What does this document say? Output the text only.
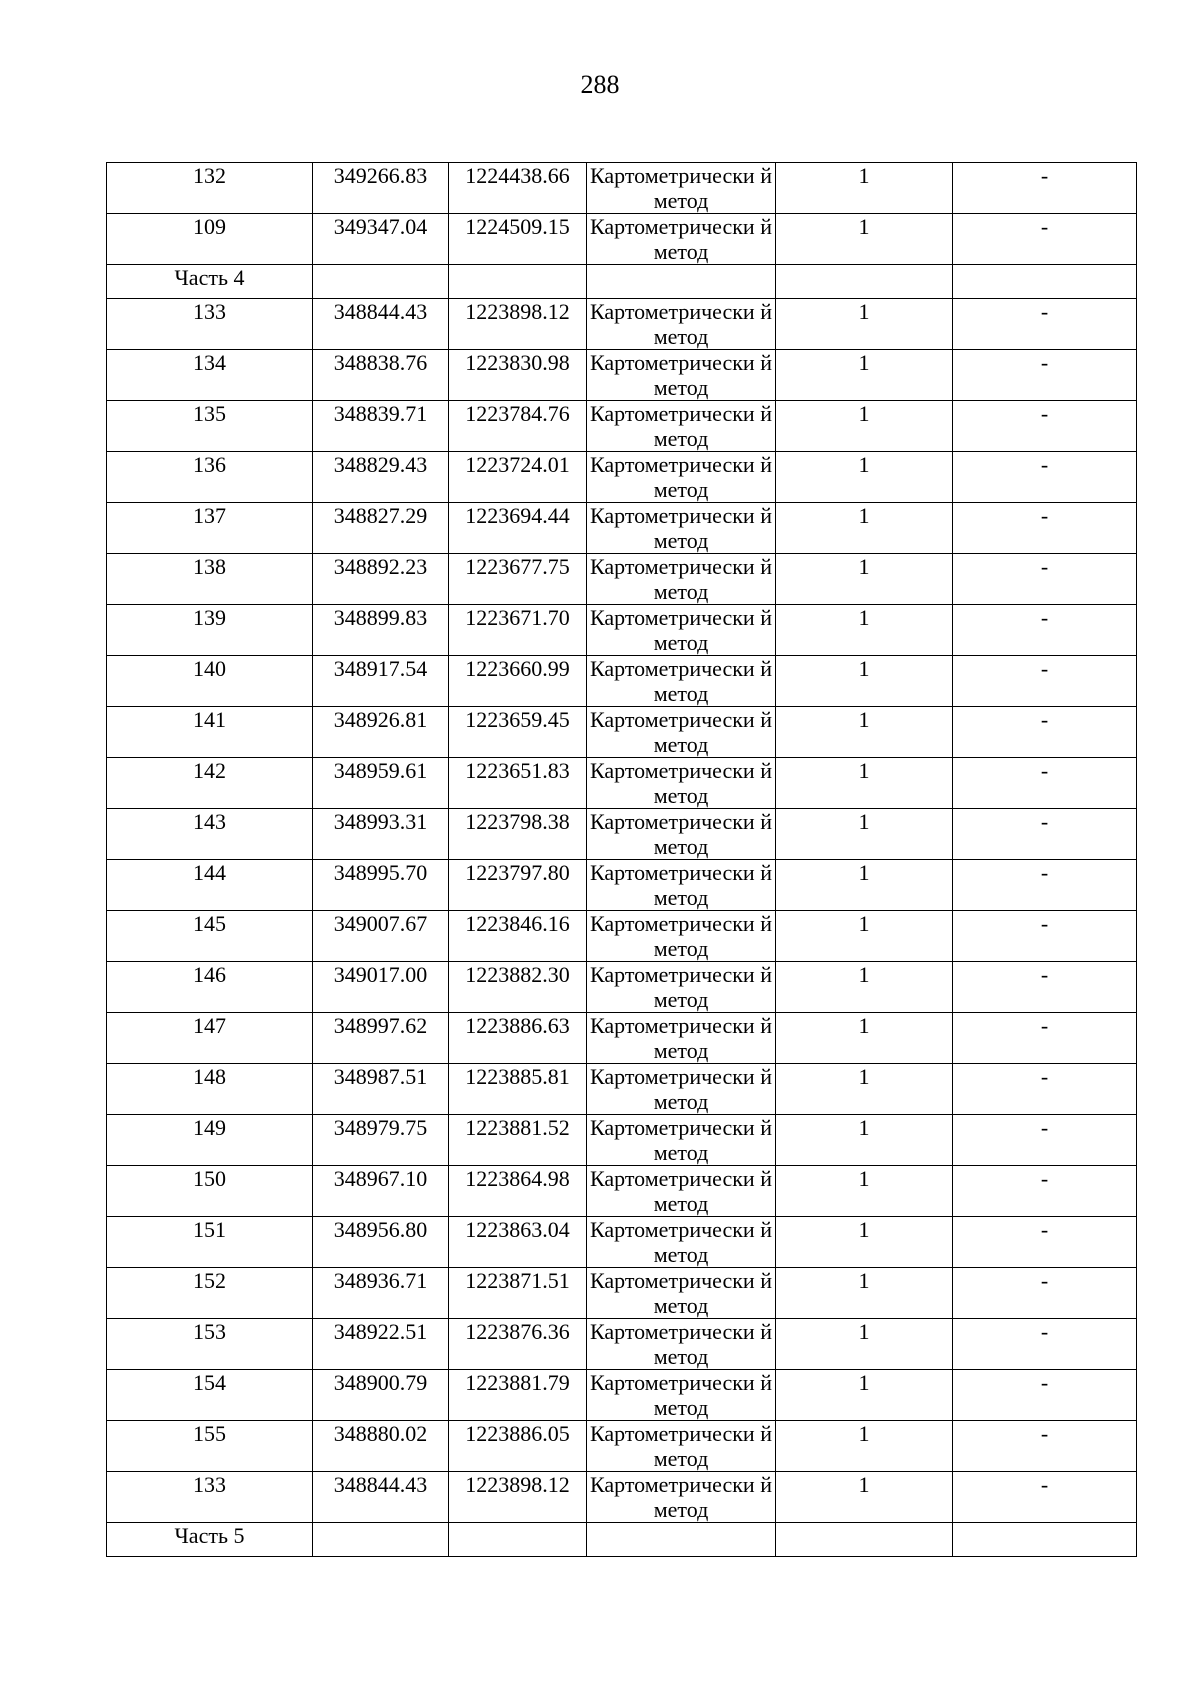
288
132	349266.83	1224438.66	Картометрически й метод	1	-
109	349347.04	1224509.15	Картометрически й метод	1	-
Часть 4					
133	348844.43	1223898.12	Картометрически й метод	1	-
134	348838.76	1223830.98	Картометрически й метод	1	-
135	348839.71	1223784.76	Картометрически й метод	1	-
136	348829.43	1223724.01	Картометрически й метод	1	-
137	348827.29	1223694.44	Картометрически й метод	1	-
138	348892.23	1223677.75	Картометрически й метод	1	-
139	348899.83	1223671.70	Картометрически й метод	1	-
140	348917.54	1223660.99	Картометрически й метод	1	-
141	348926.81	1223659.45	Картометрически й метод	1	-
142	348959.61	1223651.83	Картометрически й метод	1	-
143	348993.31	1223798.38	Картометрически й метод	1	-
144	348995.70	1223797.80	Картометрически й метод	1	-
145	349007.67	1223846.16	Картометрически й метод	1	-
146	349017.00	1223882.30	Картометрически й метод	1	-
147	348997.62	1223886.63	Картометрически й метод	1	-
148	348987.51	1223885.81	Картометрически й метод	1	-
149	348979.75	1223881.52	Картометрически й метод	1	-
150	348967.10	1223864.98	Картометрически й метод	1	-
151	348956.80	1223863.04	Картометрически й метод	1	-
152	348936.71	1223871.51	Картометрически й метод	1	-
153	348922.51	1223876.36	Картометрически й метод	1	-
154	348900.79	1223881.79	Картометрически й метод	1	-
155	348880.02	1223886.05	Картометрически й метод	1	-
133	348844.43	1223898.12	Картометрически й метод	1	-
Часть 5					
